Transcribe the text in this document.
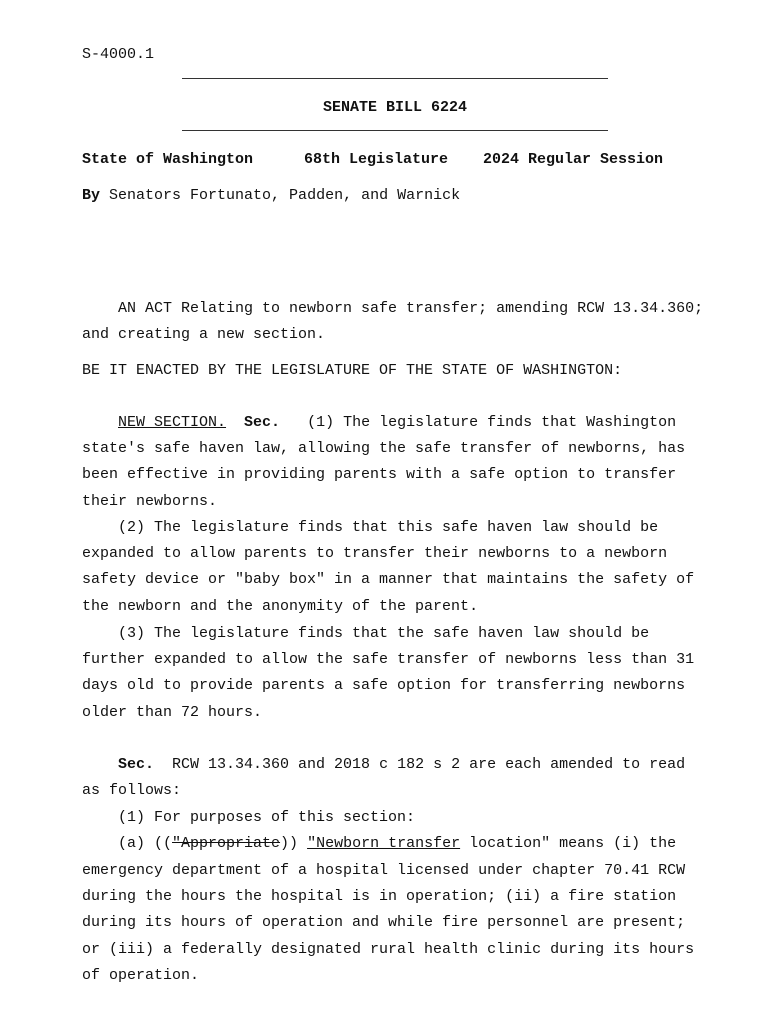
S-4000.1
SENATE BILL 6224
State of Washington	68th Legislature 2024 Regular Session
By Senators Fortunato, Padden, and Warnick
AN ACT Relating to newborn safe transfer; amending RCW 13.34.360;
and creating a new section.
BE IT ENACTED BY THE LEGISLATURE OF THE STATE OF WASHINGTON:
NEW SECTION. Sec. (1) The legislature finds that Washington
state's safe haven law, allowing the safe transfer of newborns, has
been effective in providing parents with a safe option to transfer
their newborns.
(2) The legislature finds that this safe haven law should be
expanded to allow parents to transfer their newborns to a newborn
safety device or "baby box" in a manner that maintains the safety of
the newborn and the anonymity of the parent.
(3) The legislature finds that the safe haven law should be
further expanded to allow the safe transfer of newborns less than 31
days old to provide parents a safe option for transferring newborns
older than 72 hours.
Sec. RCW 13.34.360 and 2018 c 182 s 2 are each amended to read
as follows:
(1) For purposes of this section:
(a) (("Appropriate)) "Newborn transfer location" means (i) the
emergency department of a hospital licensed under chapter 70.41 RCW
during the hours the hospital is in operation; (ii) a fire station
during its hours of operation and while fire personnel are present;
or (iii) a federally designated rural health clinic during its hours
of operation.
